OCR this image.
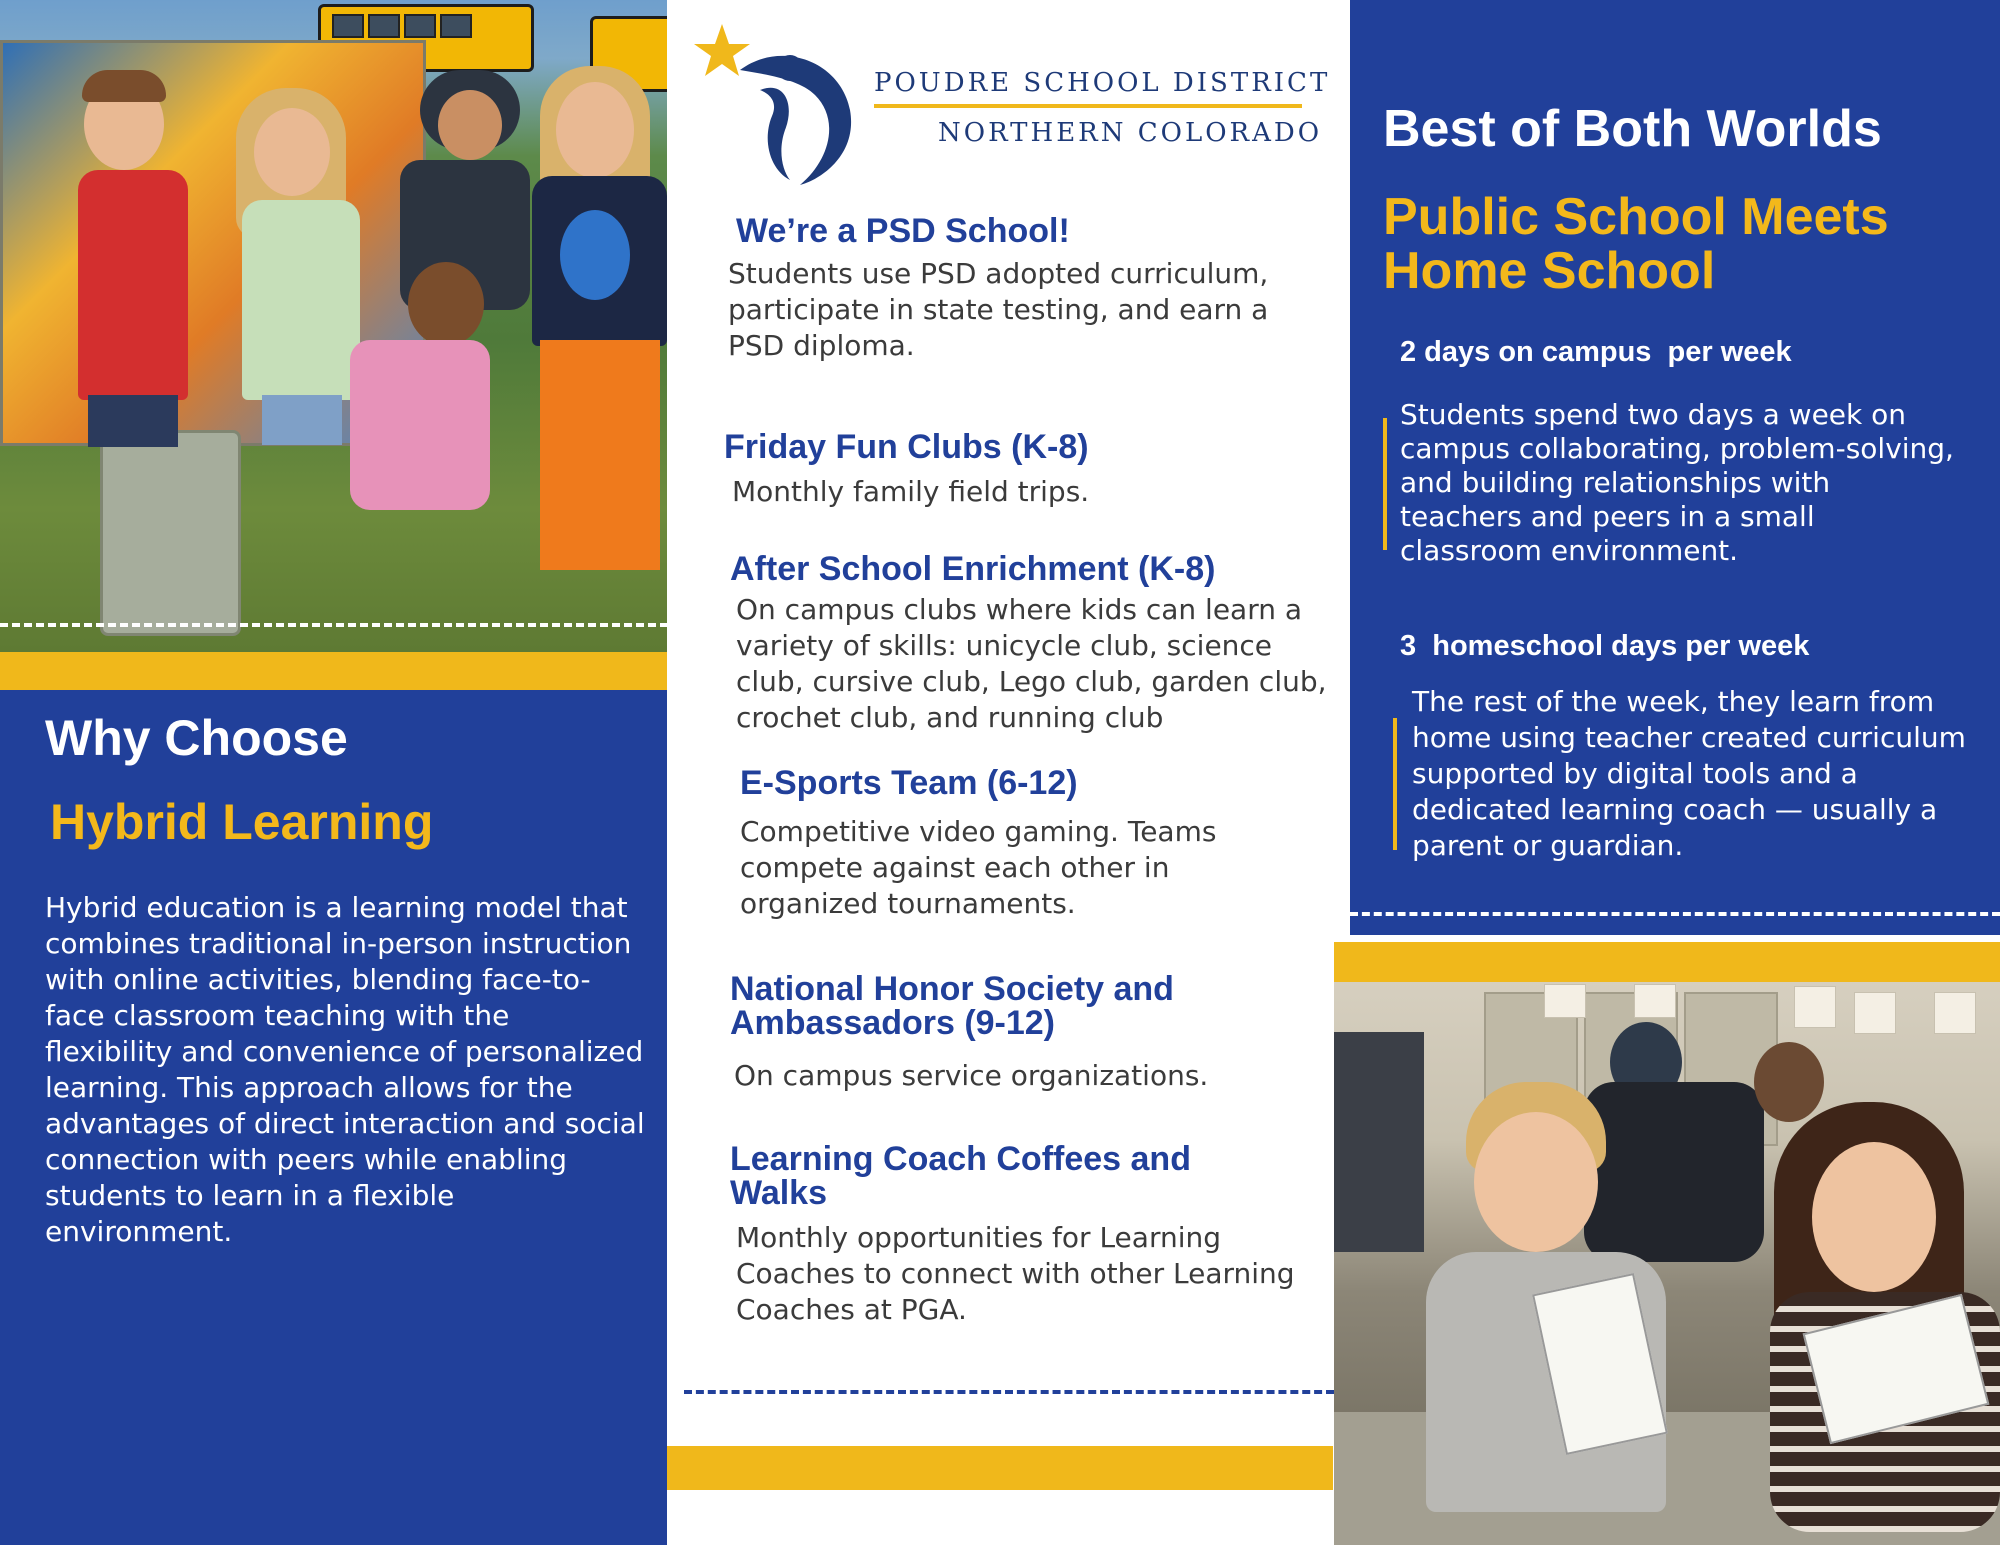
Why Choose
Hybrid Learning
Hybrid education is a learning model that combines traditional in-person instruction with online activities, blending face-to-face classroom teaching with the flexibility and convenience of personalized learning. This approach allows for the advantages of direct interaction and social connection with peers while enabling students to learn in a flexible environment.
POUDRE SCHOOL DISTRICT
NORTHERN COLORADO
We’re a PSD School!
Students use PSD adopted curriculum, participate in state testing, and earn a PSD diploma.
Friday Fun Clubs (K-8)
Monthly family field trips.
After School Enrichment (K-8)
On campus clubs where kids can learn a variety of skills: unicycle club, science club, cursive club, Lego club, garden club, crochet club, and running club
E-Sports Team (6-12)
Competitive video gaming. Teams compete against each other in organized tournaments.
National Honor Society and Ambassadors (9-12)
On campus service organizations.
Learning Coach Coffees and Walks
Monthly opportunities for Learning Coaches to connect with other Learning Coaches at PGA.
Best of Both Worlds
Public School Meets Home School
2 days on campus  per week
Students spend two days a week on campus collaborating, problem-solving, and building relationships with teachers and peers in a small classroom environment.
3  homeschool days per week
The rest of the week, they learn from home using teacher created curriculum supported by digital tools and a dedicated learning coach — usually a parent or guardian.
